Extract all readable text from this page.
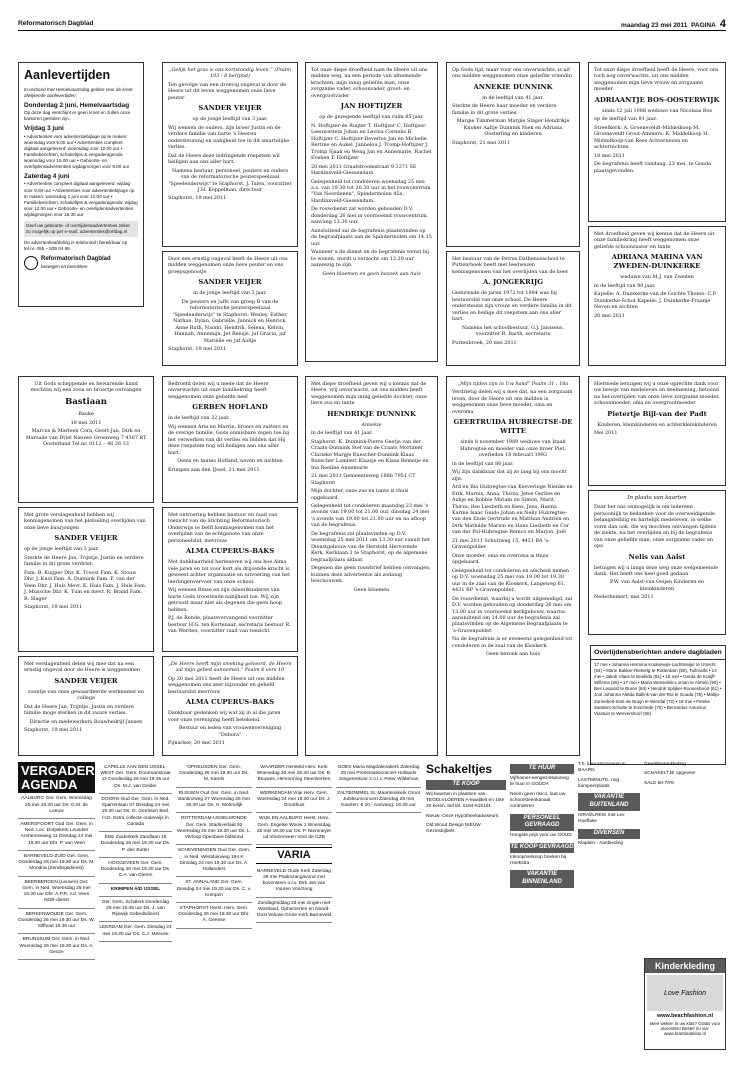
Reformatorisch Dagblad	maandag 23 mei 2011 PAGINA 4
Aanlevertijden

In verband met Hemelvaartsdag gelden voor de krant afwijkende aanlevertijden:

Donderdag 2 juni, Hemelvaartsdag

Op deze dag verschijnt er geen krant en zullen onze kantoren gesloten zijn.

Vrijdag 3 juni

• Advertenties voor advertentiebijlage op te maken: woensdag voor 9.00 uur • Advertenties compleet digitaal aangeleverd: woensdag voor 12.00 uur • Familieberichten, schakeltjes & vergaderagenda: woensdag voor 15.00 uur • Geboorte- en overlijdensadvertenties wijdagmorgen voor 9.00 uur

Zaterdag 4 juni

• Advertenties compleet digitaal aangeleverd: wijdag voor 9.00 uur • Advertenties voor advertentiebijlage op te maken: woensdag 1 juni voor 12.00 uur • Familieberichten, schakeltjes & vergaderagenda: wijdag voor 12.00 uur • Geboorte- en overlijdensadvertenties wijdagmorgen voor 18.30 uur

Geef uw geboorte- of overlijdensadvertenties zeker zo mogelijk op per e-mail: advertenties@refdag.nl

De advertentieafdeling is telefonisch bereikbaar op tel.nr. 055 – 539 04 99.

Reformatorisch Dagblad
bewegen en betrokken

„Gelijk het gras is ons kortstondig leven.” (Psalm 103 : 8 berijmd)

Ten gevolge van een droevig ongeval is door de Heere uit dit leven weggenomen onze lieve peuter

SANDER VEIJER

op de jonge leeftijd van 3 jaar.

Wij wensen de ouders, zijn broer Justin en de verdere familie van harte 's Heeren ondersteuning en nabijheid toe in dit smartelijke verlies.

Dat de Heere deze indringende roepstem wil heiligen aan ons aller hart.

Namens bestuur, personeel, peuters en ouders van de reformatorische peuterspeelzaal "Speelenderwijs" te Staphorst, J. Talen, voorzitter J.H. Koppelman, directeur

Staphorst, 19 mei 2011

Door een ernstig ongeval heeft de Heere uit ons midden weggenomen onze lieve peuter en ons groepsgenootje

SANDER VEIJER

in de jonge leeftijd van 3 jaar.

De peuters en juffs van groep B van de reformatorische peuterspeelzaal "Speelenderwijs" te Staphorst: Wesley, Esther, Nathan, Dylan, Gabriëlle, Jannick en Henrick, Anne Ruth, Naomi, Hendrik, Selena, Kelvin, Hannah, Annemijn, Jet Rensje, juf Gracia, juf Mariëlle en juf Aaltje

Staphorst, 19 mei 2011

Tot onze diepe droefheid nam de Heere uit ons midden weg, na een periode van afnemende krachten, mijn innig geliefde man, onze zorgzame vader, schoonvader, groot- en overgrootvader

JAN HOFTIJZER

op de gezegende leeftijd van ruim 85 jaar.

N. Hoftijzer-de Ruijter T. Hoftijzer C. Hoftijzer-Leeuwestein Johan en Levina Cornelis B. Hoftijzer C. Hoftijzer-Beverloo Jan en Michelle Bertine en Aukel, Jannelou J. Tromp-Hoftijzer J. Tromp Sjaak en Weng Jan en Annemarie, Rachel Evelien T. Hoftijzer

20 mei 2011 Graafstroomstraat 9 3371 SE Hardinxveld-Giessendam

Gelegenheid tot condoleren woensdag 25 mei a.s. van 19.30 tot 20.30 uur in het rouwcentrum "Van Noordenen", Spindermolen 45a, Hardinxveld-Giessendam.

De rouwdienst zal worden gehouden D.V. donderdag 26 mei in voornoemd rouwcentrum, aanvang 13.30 uur.

Aansluitend zal de begrafenis plaatsvinden op de begraafplaats aan de Spindermolen om 14.15 uur.

Wanneer u de dienst en de begrafenis wenst bij te wonen, wordt u verzocht om 13.20 uur aanwezig te zijn.

Geen bloemen en geen bezoek aan huis

Op Gods tijd, maar voor ons onverwachts, is uit ons midden weggenomen onze geliefde vriendin

ANNEKIE DUNNINK

in de leeftijd van 41 jaar.

Sterkte de Heere haar moeder en verdere familie in dit grote verlies.

Margie Timmerman Margie Slager Hendrikje Knoker Aaltje Dunnink Niek en Adriana Oosterling en kinderen

Staphorst, 21 mei 2011

Het bestuur van de Petrus Dathenusschool te Putten/hoek heeft met leedwezen kennisgenomen van het overlijden van de heer

A. JONGEKRIJG

Gedurende de jaren 1972 tot 1984 was hij bestuurslid van onze school. De Heere ondersteune zijn vrouw en verdere familie in dit verlies en heilige dit roepstem aan ons aller hart.

Namens het schoolbestuur, G.J. Janssens, voorzitter R. Barth, secretaris

Puttenbroek, 20 mei 2011

Tot onze diepe droefheid heeft de Heere, voor ons toch nog onverwachts, uit ons midden weggenomen mijn lieve vrouw en zorgzame moeder

ADRIAANTJE BOS-OOSTERWIJK

sinds 12 juli 1986 weduwe van Nicolaas Bos

op de leeftijd van 91 jaar.

Streefkerk: A. Groeneveldt-Middelkoop M. Groeneveldt Groot-Ammers: K. Middelkoop H. Middelkoop-van Rees Achterneven en achternichten

18 mei 2011

De begrafenis heeft vandaag, 23 mei, te Gouda plaatsgevonden.

Met droefheid geven wij kennis dat de Heere uit onze familiekring heeft weggenomen onze geliefde schoonzuster en tante

ADRIANA MARINA VAN ZWEDEN-DUINKERKE

weduwe van M.J. van Zweden

in de leeftijd van 90 jaar.

Kapelle: A. Duinkerke-van de Guchte Tholen: C.P. Duinkerke-Schot Kapelle: J. Duinkerke-Fraanje Neven en nichten

20 mei 2011

Uit Gods scheppende en bewarende hand mochten wij een zoon en broertje ontvangen

Bastiaan

Bauke

19 mei 2011

Marcus & Marleen Cora, Geert-Jan, Dirk en Marsaile van Driel Nieuwe Groenweg 7 4307 RT Oosterland Tel.nr. 0112 – 48 26 33

Bedroefd delen wij u mede dat de Heere onverwachts uit onze familiekring heeft weggenomen onze geliefde neef

GERBEN HOFLAND

in de leeftijd van 22 jaar.

Wij wensen Arie en Marrie, broers en zusters en de overige familie, Gods onmisbare zegen toe bij het verwerken van dit verlies en bidden dat Hij deze roepstem nog wil heiligen aan ons aller hart.

Ooms en tantes Hofland, neven en nichten

Krimpen aan den IJssel, 21 mei 2011

Met diepe droefheid geven wij u kennis dat de Heere, vrij onverwacht, uit ons midden heeft weggenomen mijn innig geliefde dochter, onze lieve zus en tante

HENDRIKJE DUNNINK

Annekie

in de leeftijd van 41 jaar.

Staphorst: K. Dunnink-Pierre Geetje van der Craats-Dunnink Stef van de Craats Mortimer Clarieke Margje Ruescher-Dunnink Klaas Ruescher Lambert Klaasje en Klaas Remeije en Ina Roeline Annemarie

21 mei 2011 Gemeenteweg 188b 7951 CT Staphorst

Mijn dochter, onze zus en tante is thuis opgebaard.

Gelegenheid tot condoleren maandag 23 mei 's avonds van 19.00 tot 21.00 uur, dinsdag 24 mei 's avonds van 19.00 tot 21.00 uur en na afloop van de begrafenis.

De begrafenis zal plaatsvinden op D.V. woensdag 25 mei 2011 om 13.30 uur vanuit het Dienstgebouw van de Hersteld Hervormde Kerk, Kerklaan 1 te Staphorst, op de algemene begraafplaats aldaar.

Degenen die geen rouwbrief hebben ontvangen, kunnen deze advertentie als zodanig beschouwen.

Geen bloemen

„Mijn tijden zijn in Uw hand” Psalm 31 : 16a

Verdrietig delen wij u mee dat, na een zorgzaam leven, door de Heere uit ons midden is weggenomen onze lieve moeder, oma en overoma

GEERTRUIDA HUBREGTSE-DE WITTE

sinds 8 november 1989 weduwe van Izaak Hubregtse en moeder van onze broer Piet, overleden 18 februari 1993

in de leeftijd van 80 jaar.

Wij zijn dankbaar dat zij zo lang bij ons mocht zijn.

Ard en Bia Hubregtse-van Kesveringe Nienke en Erik, Marnix, Anna, Thirza, Jetse Gerlies en Aukje en Robbie Miriam en Simon, Marit, Thirza, Ilse Liesbeth en Kees, Jens, Hanna Karine Isaac Guido Johan en Nelly Hubregtse-van den Ende Gertrude en Matthan Andrien en Dirk Mathilde Marion en Hans Liesbeth en Cor van der Pol-Hubregtse Remco en Marjon, Joël

21 mei 2011 Schuitweg 15, 4431 BA 's-Gravenpolder

Onze moeder, oma en overoma is thuis opgebaard.

Gelegenheid tot condoleren en afscheid nemen op D.V. woensdag 25 mei van 19.00 tot 19.30 uur in de zaal van de Kloskerk, Langeweg 61, 4431 BP 's-Gravenpolder.

De rouwdienst, waarbij u wordt uitgenodigd, zal D.V. worden gehouden op donderdag 26 mei om 13.00 uur in voornoemd kerkgebouw, waarna aansluitend om 14.00 uur de begrafenis zal plaatsvinden op de Algemene Begraafplaats te 's-Gravenpolder.

Na de begrafenis is er eveneens gelegenheid tot condoleren in de zaal van de Kloskerk.

Geen bezoek aan huis

Hiermede betuigen wij u onze oprechte dank voor uw bewijs van medeleven en deelneming, betoond na het overlijden van onze lieve zorgzame moeder, schoonmoeder, oma en overgrootmoeder

Pietertje Bijl-van der Padt

Kinderen, kleinkinderen en achterkleinkinderen

Mei 2011

In plaats van kaarten

Daar het ons onmogelijk is om iedereen persoonlijk te bedanken voor de overweldigende belangstelling en hartelijk medeleven, in welke vorm dan ook, die wij mochten ontvangen tijdens de ziekte, na het overlijden en bij de begrafenis van onze geliefde man, onze zorgzame vader en opa

Nelis van Aalst

betuigen wij u langs deze weg onze welgemeende dank. Het heeft ons heel goed gedaan

P.W. van Aalst-van Oeijen Kinderen en kleinkinderen

Nederhemert, mei 2011

Met grote verslagenheid hebben wij kennisgenomen van het plotseling overlijden van onze lieve buurjongen

SANDER VEIJER

op de jonge leeftijd van 3 jaar.

Sterkte de Heere Jan, Trijntje, Justin en verdere familie in dit grote verdriet.

Fam. B. Kuijper Dhr. K. Troost Fam. K. Stouw Dhr. J. Knol Fam. A. Dunnink Fam. F. van der Veen Dhr. J. Huls Mevr. K. Huls Fam. J. Huls Fam. J. Mussche Dhr. K. Tuin en mevr. R. Brand Fam. B. Slager

Staphorst, 19 mei 2011

Met ontroering hebben bestuur en raad van toezicht van de Stichting Reformatorisch Onderwijs te Delft kennisgenomen van het overlijden van de echtgenote van onze personeelslid, mevrouw

ALMA CUPERUS-BAKS

Met dankbaarheid herinneren wij ons hoe Alma vele jaren en tot voor kort als drijvende kracht is geweest achter organisatie en uitvoering van het leerlingenvervoer van onze school.

Wij wensen Rinse en zijn (klein)kinderen van harte Gods troostende nabijheid toe. Wij zijn getroost maar niet als degenen die geen hoop hebben.

P.J. de Ronde, plaatsvervangend voorzitter bestuur H.G. ten Kortenaar, secretaris bestuur R. van Werden, voorzitter raad van toezicht

Met verslagenheid delen wij mee dat na een ernstig ongeval door de Heere is weggenomen

SANDER VEIJER

zoontje van onze gewaardeerde werknemer en collega

Dat de Heere Jan, Trijntje, Justin en verdere familie moge sterken in dit zware verlies.

Directie en medewerkers Bouwbedrijf Jansen

Staphorst, 19 mei 2011

„De Heere heeft mijn smeking gehoord, de Heere zal mijn gebed aannemen.” Psalm 6 vers 10

Op 20 mei 2011 heeft de Heere uit ons midden weggenomen ons zeer bijzonder en geliefd bestuurslid mevrouw

ALMA CUPERUS-BAKS

Dankbaar gedenken wij wat zij in al die jaren voor onze vereniging heeft betekend.

Bestuur en leden van vrouwenvereniging "Debora"

Pijnacker, 20 mei 2011

Overlijdensberichten andere dagbladen
17 mei • Johanna Hermina Koolenwijn-Lachtmeijer te Utrecht (54) • Marie Bakker-Rietvelg te Rotterdam (80), Tullmarkt • 14 mei • Jakob Vlaes te Boeklds (91) • 16 mei • Gerda de Kraijff-Willems (65) • 17 mei • Maria Wesselink-Loman te Almelo (90) • Bes Leopold te Buren (84) • Hendrik Splijker-Roosenboort (61) • Jool Johanna Aletda Ballink-van der Rui te Gouda (75) • Mattje Zonnebelt-Smit-de Bruijn te Wierdal (72) • 18 mei • Femke Sanders-Schulte te Enschede (75) • Bernardus Antonius Vlastuin te Wervershoof (86)
VERGADER-AGENDA
AALBURG Ger. Gem. Woensdag 25 mei 19.30 uur Ds. G.M. de Leeuw
AMERSFOORT Oud Ger. Gem. in Ned. Loc. Dorpskerk Leusden Arnhemseweg 11 Dinsdag 24 mei 19.30 uur Dhr. P. van Veen
BARNEVELD-ZUID Ger. Gem. Donderdag 26 mei 19.30 uur Ds. M. Mondria (Zendingsdienst)
BEERBERGEN (Leuven) Ger. Gem. in Ned. Woensdag 25 mei 19.30 uur Dhr. A.P.R. v.d. Veen NGB-dienst
BERKENWOUDE Ger. Gem. Donderdag 26 mei 19.30 uur Ds. W. Silfhout 19.30 uur
BRUNSSUM Ger. Gem. in Ned. Woensdag 25 mei 19.30 uur Ds. A. Geuze
CAPELLE AAN DEN IJSSEL-WEST Ger. Gem. Doormanstraat 12 Donderdag 26 mei 19.45 uur Ds. M.J. van Gelder
DOORN Oud Ger. Gem. in Ned. Sparrenlaan 57 Dinsdag 24 mei 19.30 uur Ds. G. Gerritsen Bed. H.D. Extra collecte onderwijs in Canada
EDE Zuiderkerk Zandlaan 16 Donderdag 26 mei 19.30 uur Ds. P. den Butter
HOOGEVEEN Ger. Gem. Donderdag 26 mei 19.30 uur Ds. C.A. van Dieren
KRIMPEN A/D IJSSEL
Ger. Gem. Schalerk Donderdag 26 mei 19.45 uur Ds. J. van Rijswijk Gebedsdienst
LEERDAM Ger. Gem. Dinsdag 24 mei 19.30 uur Ds. C.J. Meeuse
OPHEUSDEN Ger. Gem. Donderdag 26 mei 19.30 uur Ds. M. Karels
RIJSSEN Oud Ger. Gem. in Ned. Bantinzweg 27 Woensdag 25 mei 19.30 uur Ds. H. Mohnolijk
ROTTERDAM-IJSSELMONDE Ger. Gem. Stadsverlaat 92 Woensdag 25 mei 19.30 uur Ds. L. Verloop Openbare bidstond
SCHEVENINGEN Oud Ger. Gem. in Ned. Westduinweg 194 K Dinsdag 24 mei 19.30 uur Ds. A. Hollanders
ST. ANNALAND Ger. Gem. Dinsdag 24 mei 19.30 uur Ds. C. v. Krimpen
STAPHORST Herst. Herv. Gem. Donderdag 26 mei 19.30 uur Dhr. A. Geense
WAARDER Hersteld Herv. Kerk Woensdag 25 mei 19.30 uur Ds. B. Bouwes, Hervorming Steenkerken
WERKENDAM Vrije Herv. Gem. Woensdag 24 mei 19.30 uur Ds. J. Groothuis
WIJK EN AALBURG Herst. Herv. Gem. Engelse Wouw 1 Woensdag 25 mei 19.30 uur Ds. P. Nienmeyer uit Vriezenveen Voor de GZB
VARIA
BARNEVELD Oude Kerk Zaterdag 28 mei Psalmzangavond met bovenstem o.l.v. Dirk Jan van Vuuren Voorzang
Zondagmiddag 28 mei zingen met Westland, Ophemerten en Noord-Oost Veluwe Grote Kerk Barneveld
GOES Maria Magdalenakerk Zaterdag 28 mei Presentatieconcert Hollands Jongerenkoor 2 o.l.v. Peter Wildeman
ZALTBOMMEL St. Maartenskerk Groot Jubileumconcert Zaterdag 28 mei Kaarten: € 10,- Aanvang: 19.30 uur
Schakeltjes
TE KOOP

Wij kwamen in plaatsen van TEGELVLOEREN A-kwaliteit en 1ste 20 keren, bel tel. 0184-615101

Nieuw: Onze Hypotheekadviseurs

Old Wood Design NIEUW Gezinsbijbels

TE HUUR

Vijfhamer-eengezinswoning te huur in GOUDA

Neem geen risico, laat uw schoorsteenkanaal controleren

PERSONEEL GEVRAAGD

Hoogste prijs voor uw GOUD

TE KOOP GEVRAAGD

Inkoop/verkoop boeken bij Hoekstra

VAKANTIE BINNENLAND

T.h. luxe stacaravan in BAARN

LASTMINUTE, nog kampeerplaats

VAKANTIE BUITENLAND

ISRAËLREIS met Lex Hoeflake

DIVERSEN

Klaplein - Aanbieding

Geertsherenkleding

SCHAKELTJE opgeven!

SALE 50-70%

Kinderkleding
Love Fashion
www.beachfashion.nl
twee weken in uw klas? Gratis voor docenten! Bestel nu via: www.krantindeklas.nl
